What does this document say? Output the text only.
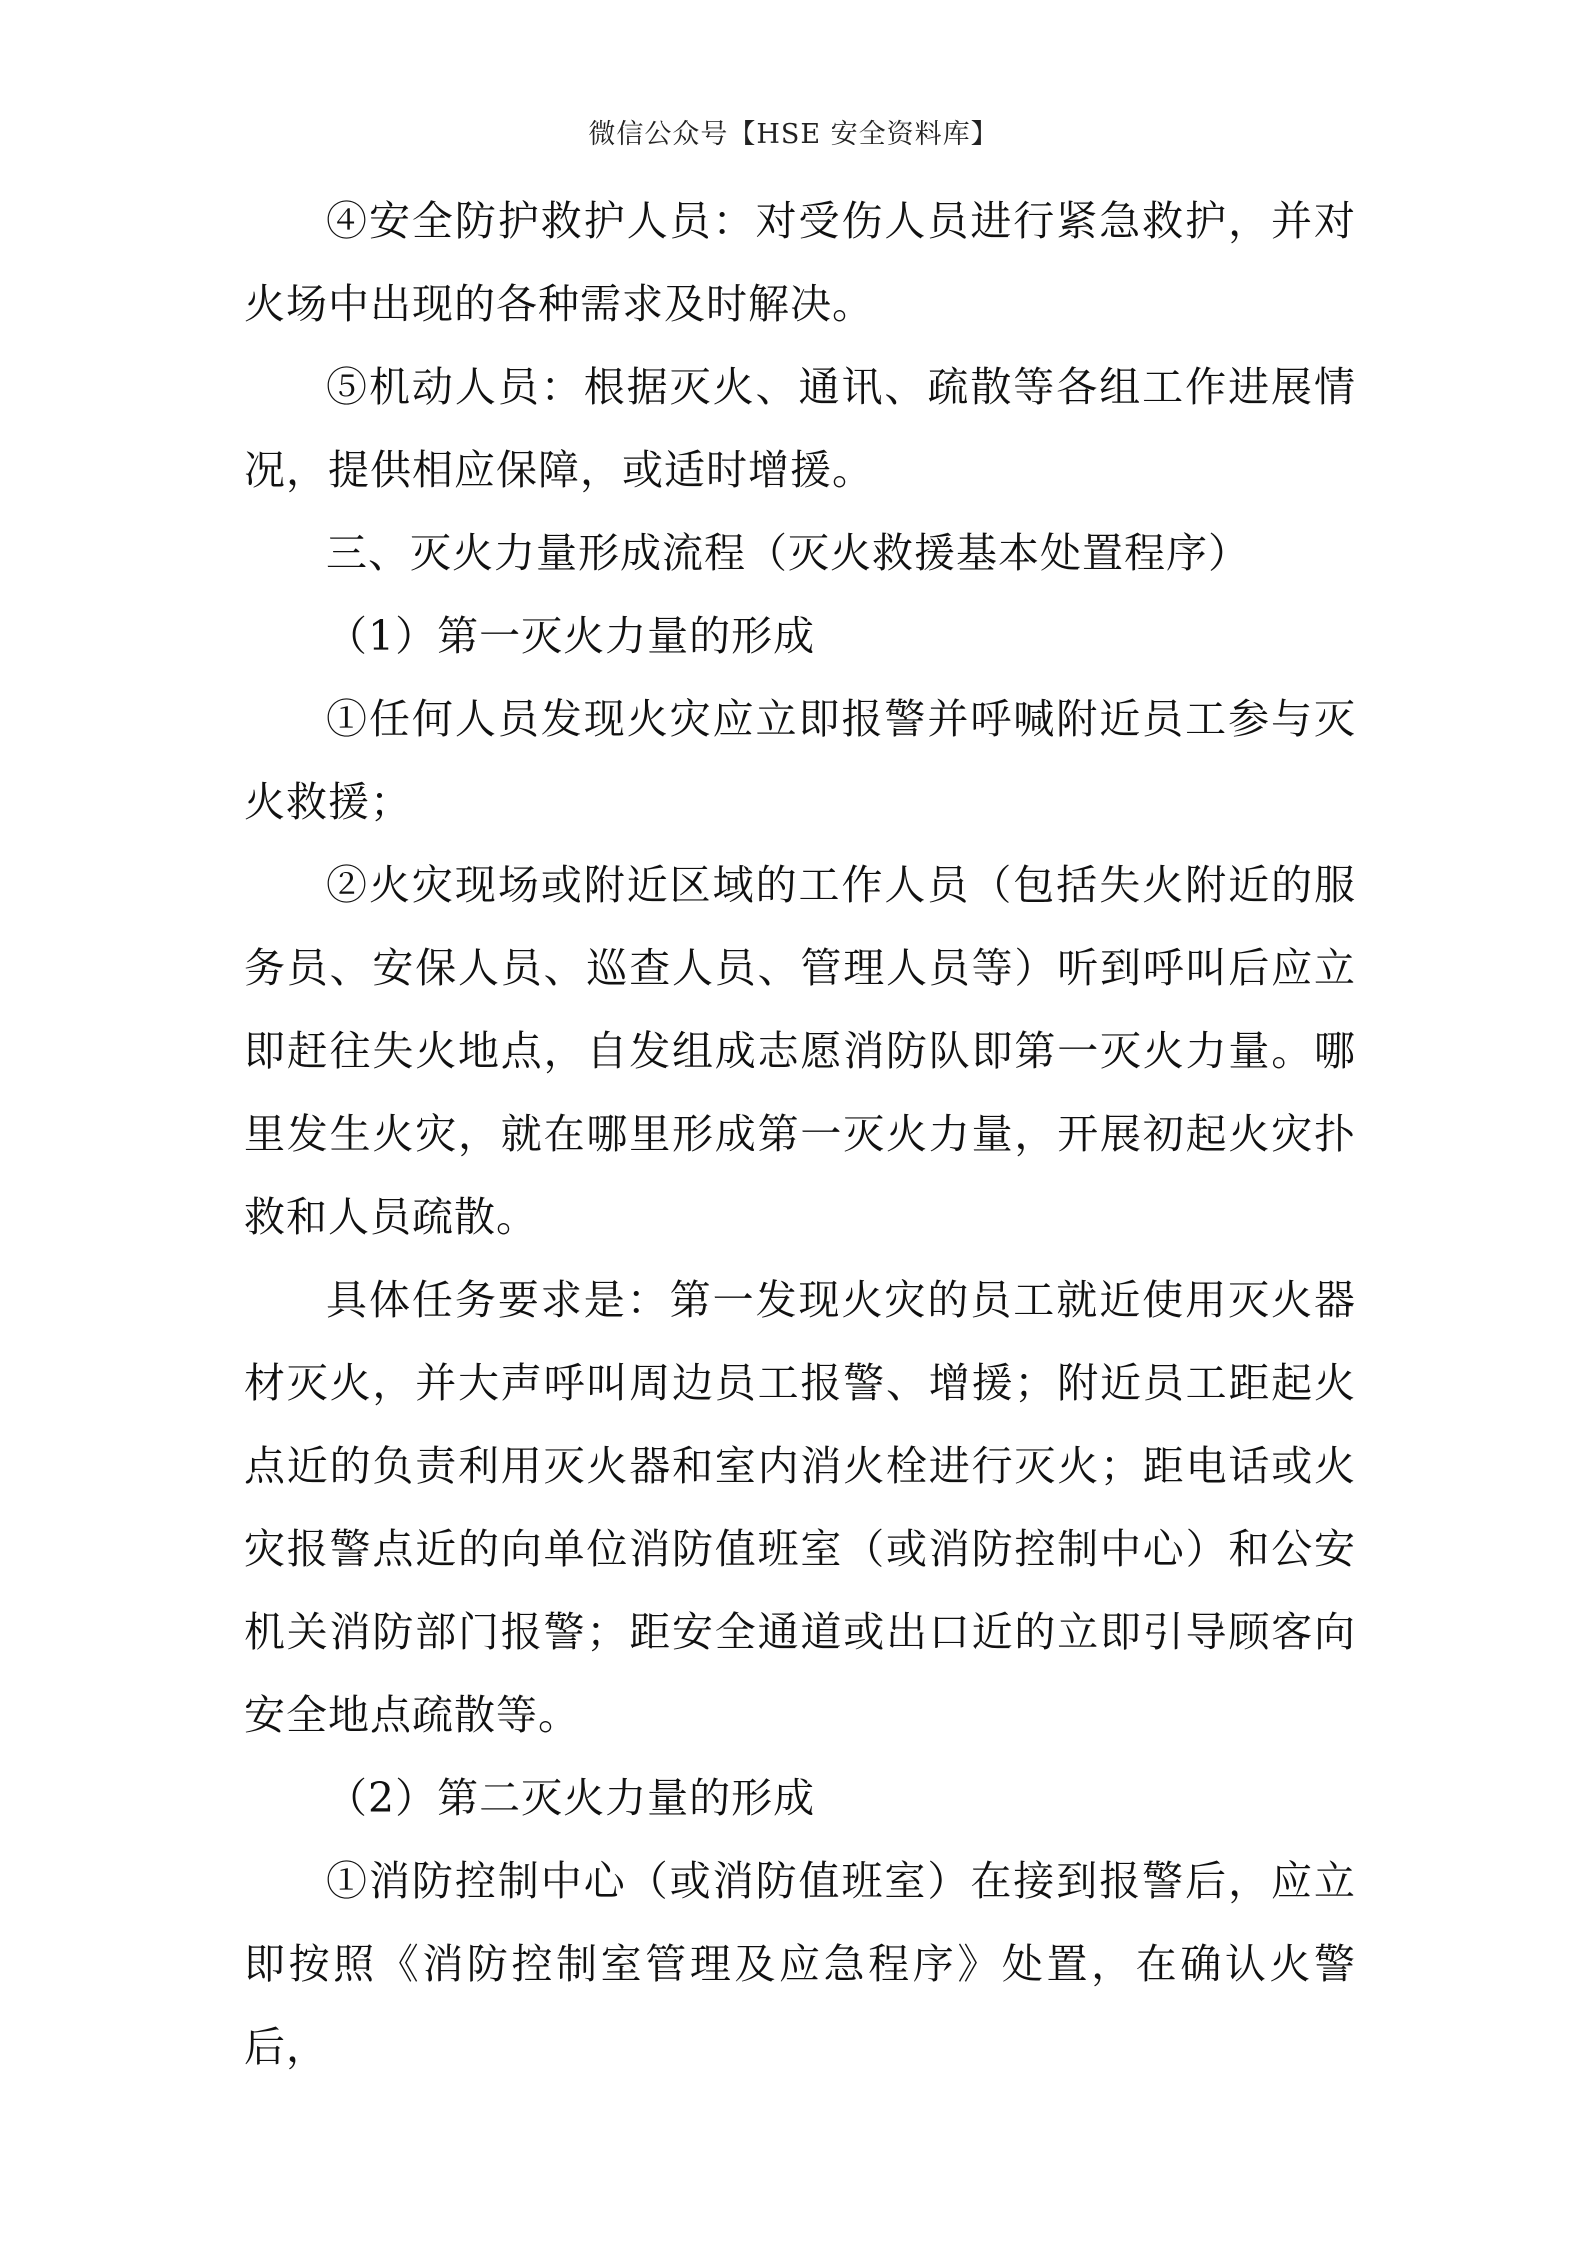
微信公众号【HSE 安全资料库】

④安全防护救护人员：对受伤人员进行紧急救护，并对火场中出现的各种需求及时解决。

⑤机动人员：根据灭火、通讯、疏散等各组工作进展情况，提供相应保障，或适时增援。

三、灭火力量形成流程（灭火救援基本处置程序）

（1）第一灭火力量的形成

①任何人员发现火灾应立即报警并呼喊附近员工参与灭火救援；

②火灾现场或附近区域的工作人员（包括失火附近的服务员、安保人员、巡查人员、管理人员等）听到呼叫后应立即赶往失火地点，自发组成志愿消防队即第一灭火力量。哪里发生火灾，就在哪里形成第一灭火力量，开展初起火灾扑救和人员疏散。

具体任务要求是：第一发现火灾的员工就近使用灭火器材灭火，并大声呼叫周边员工报警、增援；附近员工距起火点近的负责利用灭火器和室内消火栓进行灭火；距电话或火灾报警点近的向单位消防值班室（或消防控制中心）和公安机关消防部门报警；距安全通道或出口近的立即引导顾客向安全地点疏散等。

（2）第二灭火力量的形成

①消防控制中心（或消防值班室）在接到报警后，应立即按照《消防控制室管理及应急程序》处置，在确认火警后，
